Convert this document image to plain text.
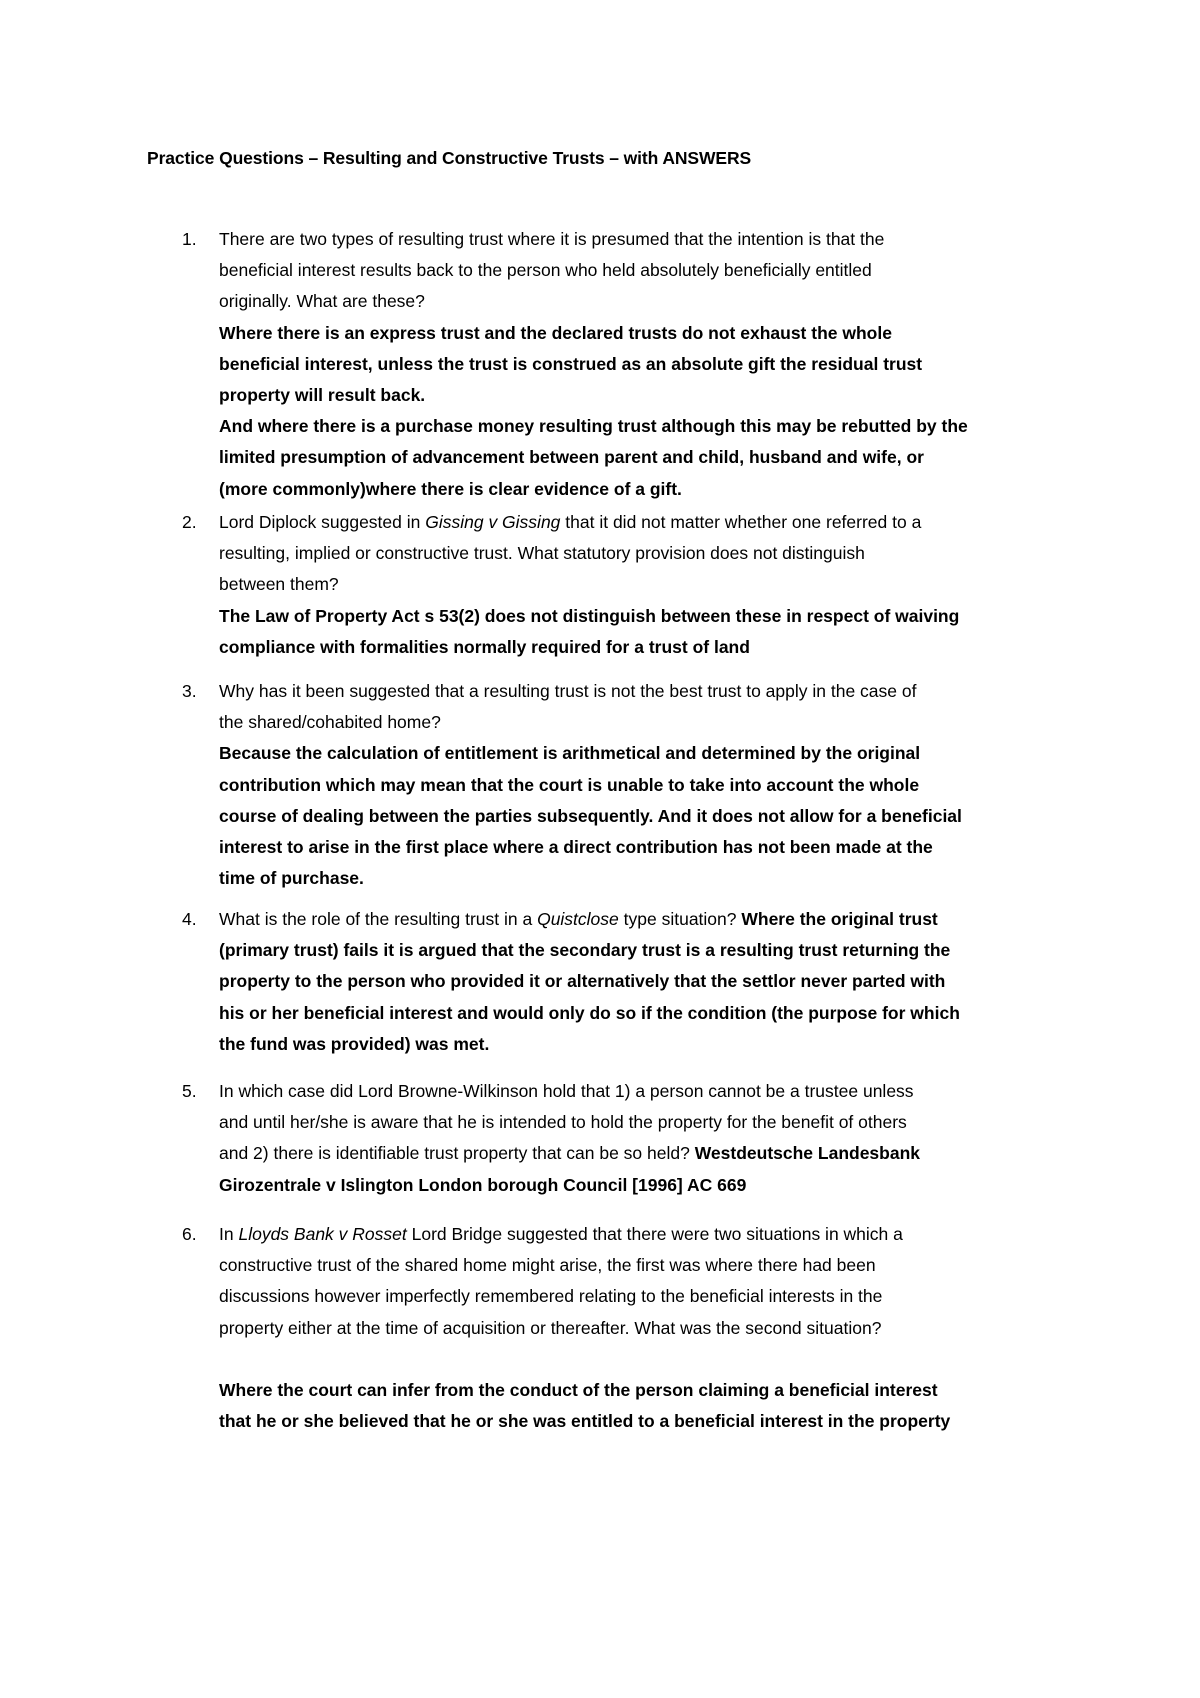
Practice Questions – Resulting and Constructive Trusts – with ANSWERS
1.	There are two types of resulting trust where it is presumed that the intention is that the
beneficial interest results back to the person who held absolutely beneficially entitled
originally. What are these?
Where there is an express trust and the declared trusts do not exhaust the whole
beneficial interest, unless the trust is construed as an absolute gift the residual trust
property will result back.
And where there is a purchase money resulting trust although this may be rebutted by the
limited presumption of advancement between parent and child, husband and wife, or
(more commonly)where there is clear evidence of a gift.
2.	Lord Diplock suggested in Gissing v Gissing that it did not matter whether one referred to a
resulting, implied or constructive trust. What statutory provision does not distinguish
between them?
The Law of Property Act s 53(2) does not distinguish between these in respect of waiving
compliance with formalities normally required for a trust of land
3.	Why has it been suggested that a resulting trust is not the best trust to apply in the case of
the shared/cohabited home?
Because the calculation of entitlement is arithmetical and determined by the original
contribution which may mean that the court is unable to take into account the whole
course of dealing between the parties subsequently. And it does not allow for a beneficial
interest to arise in the first place where a direct contribution has not been made at the
time of purchase.
4.	What is the role of the resulting trust in a Quistclose type situation? Where the original trust
(primary trust) fails it is argued that the secondary trust is a resulting trust returning the
property to the person who provided it or alternatively that the settlor never parted with
his or her beneficial interest and would only do so if the condition (the purpose for which
the fund was provided) was met.
5.	In which case did Lord Browne-Wilkinson hold that 1) a person cannot be a trustee unless
and until her/she is aware that he is intended to hold the property for the benefit of others
and 2) there is identifiable trust property that can be so held? Westdeutsche Landesbank
Girozentrale v Islington London borough Council [1996] AC 669
6.	In Lloyds Bank v Rosset Lord Bridge suggested that there were two situations in which a
constructive trust of the shared home might arise, the first was where there had been
discussions however imperfectly remembered relating to the beneficial interests in the
property either at the time of acquisition or thereafter. What was the second situation?
Where the court can infer from the conduct of the person claiming a beneficial interest
that he or she believed that he or she was entitled to a beneficial interest in the property
